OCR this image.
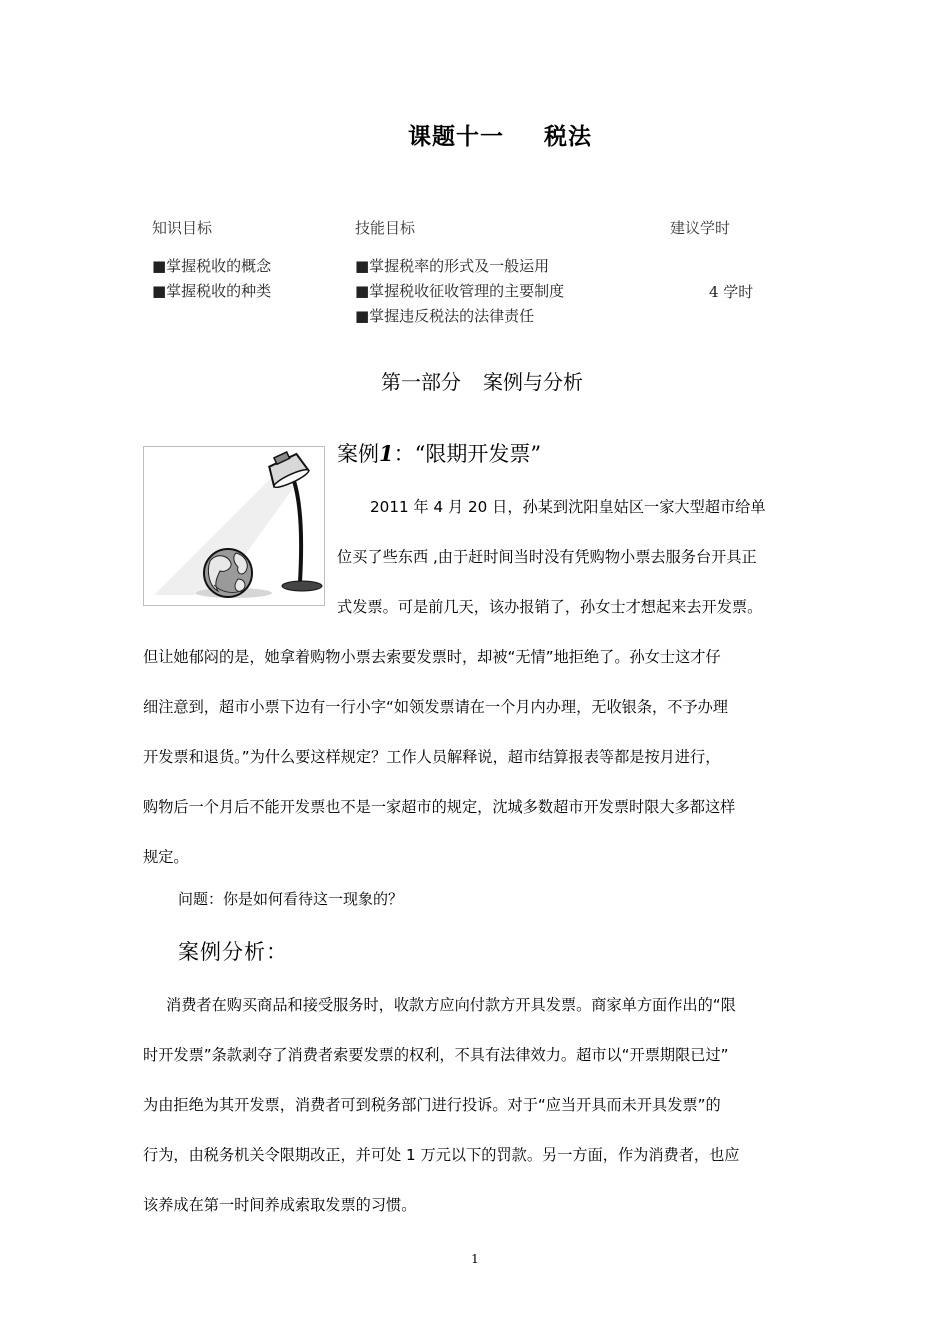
课题十一 税法
知识目标	技能目标	建议学时
■掌握税收的概念
■掌握税收的种类
■掌握税率的形式及一般运用
■掌握税收征收管理的主要制度
■掌握违反税法的法律责任
4 学时
第一部分 案例与分析
案例1：“限期开发票”
2011 年 4 月 20 日，孙某到沈阳皇姑区一家大型超市给单
位买了些东西 ,由于赶时间当时没有凭购物小票去服务台开具正
式发票。可是前几天，该办报销了，孙女士才想起来去开发票。
但让她郁闷的是，她拿着购物小票去索要发票时，却被“无情”地拒绝了。孙女士这才仔
细注意到，超市小票下边有一行小字“如领发票请在一个月内办理，无收银条，不予办理
开发票和退货。”为什么要这样规定？工作人员解释说，超市结算报表等都是按月进行，
购物后一个月后不能开发票也不是一家超市的规定，沈城多数超市开发票时限大多都这样
规定。
问题：你是如何看待这一现象的？
案例分析：
消费者在购买商品和接受服务时，收款方应向付款方开具发票。商家单方面作出的“限
时开发票”条款剥夺了消费者索要发票的权利，不具有法律效力。超市以“开票期限已过”
为由拒绝为其开发票，消费者可到税务部门进行投诉。对于“应当开具而未开具发票”的
行为，由税务机关令限期改正，并可处 1 万元以下的罚款。另一方面，作为消费者，也应
该养成在第一时间养成索取发票的习惯。
1
